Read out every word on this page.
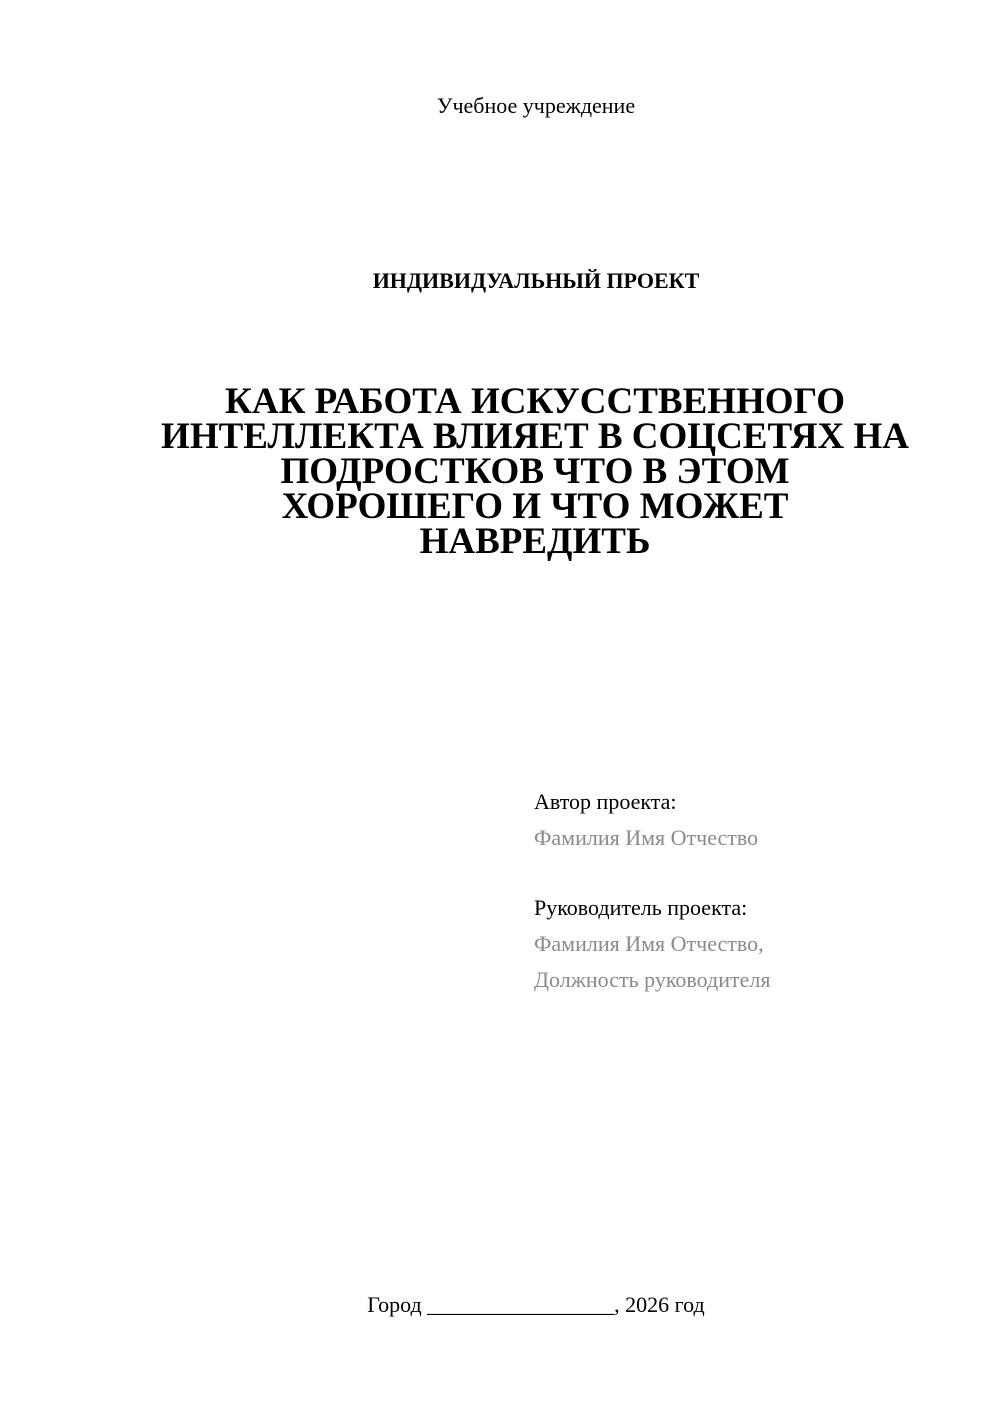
Учебное учреждение
ИНДИВИДУАЛЬНЫЙ ПРОЕКТ
КАК РАБОТА ИСКУССТВЕННОГО
ИНТЕЛЛЕКТА ВЛИЯЕТ В СОЦСЕТЯХ НА
ПОДРОСТКОВ ЧТО В ЭТОМ
ХОРОШЕГО И ЧТО МОЖЕТ
НАВРЕДИТЬ
Автор проекта:
Фамилия Имя Отчество
Руководитель проекта:
Фамилия Имя Отчество,
Должность руководителя
Город _________________, 2026 год
